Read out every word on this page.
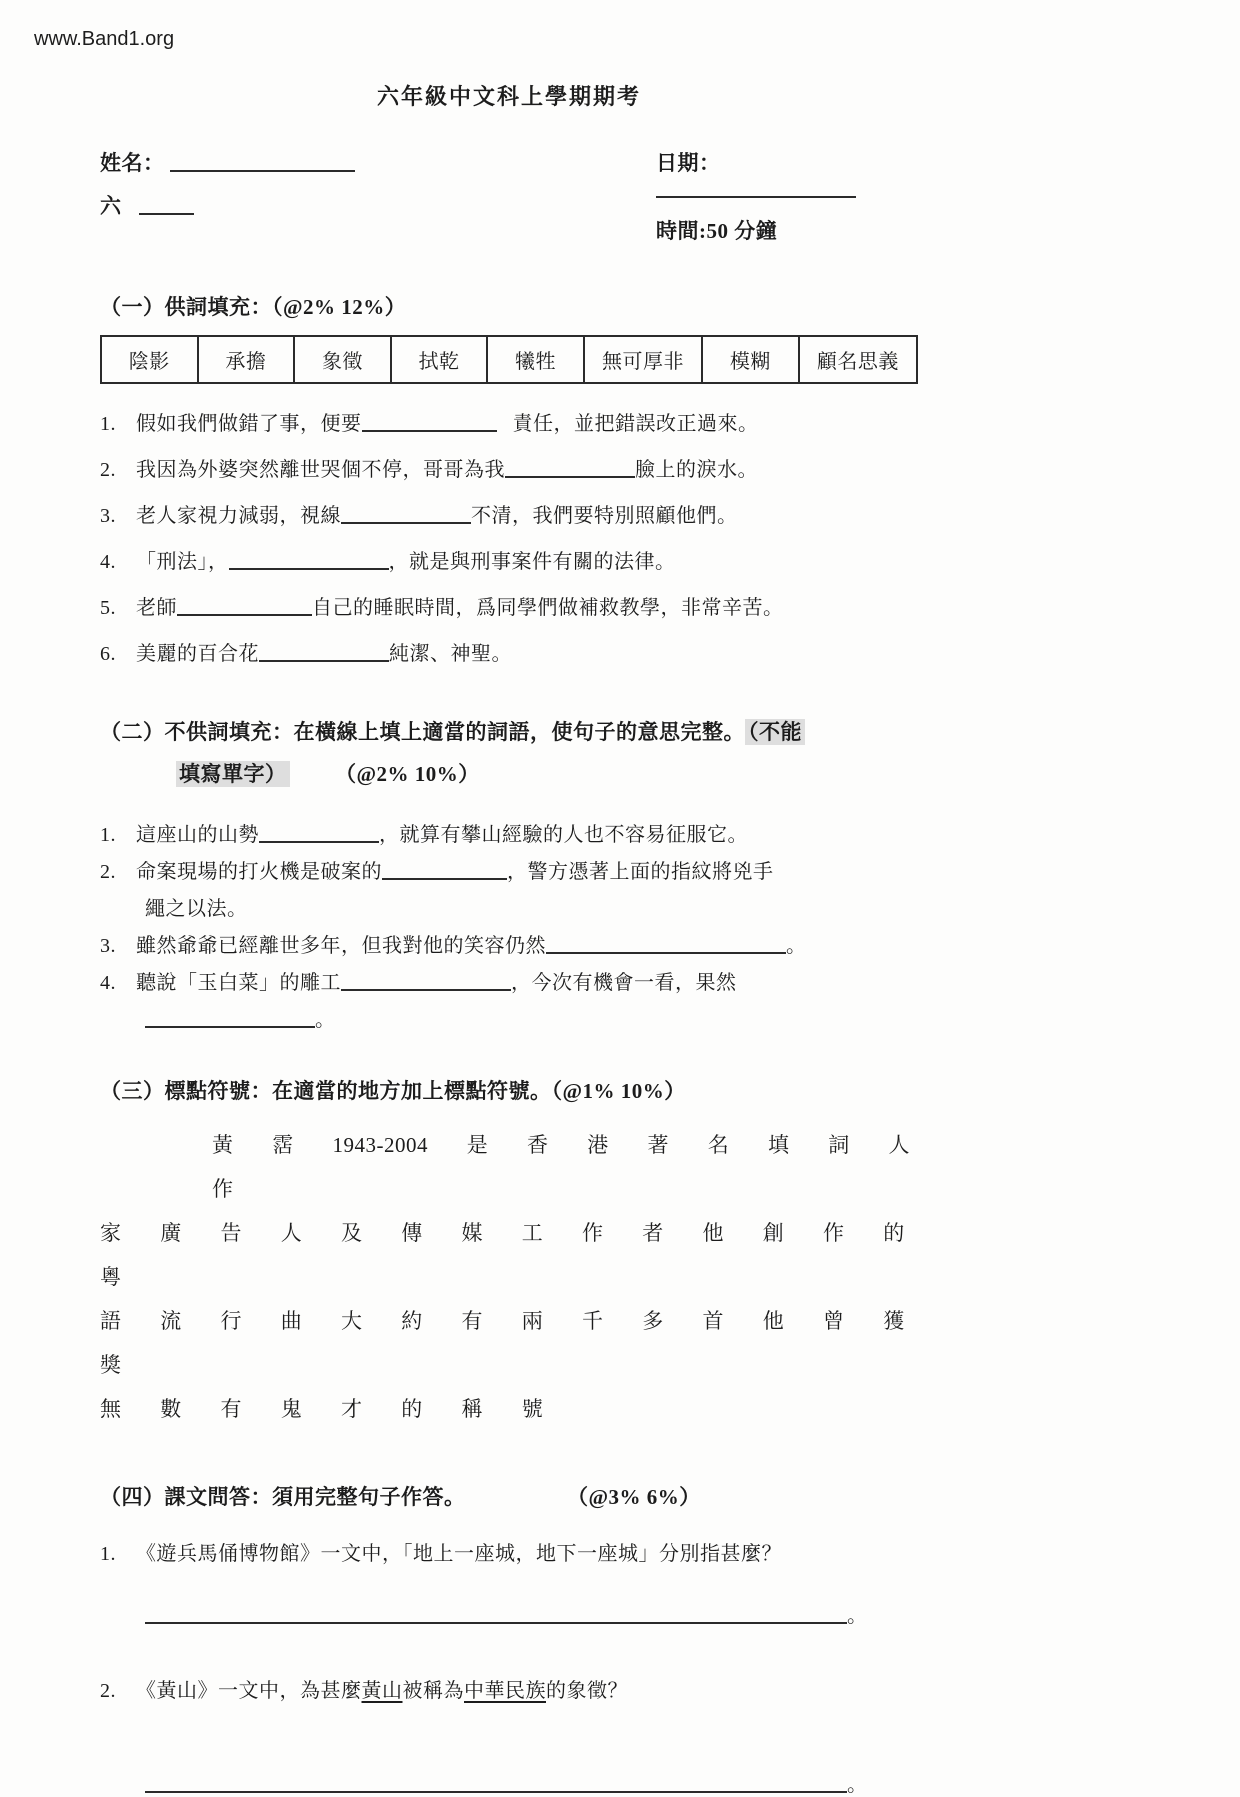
www.Band1.org
六年級中文科上學期期考
姓名：
六
日期：
時間:50 分鐘
（一）供詞填充：（@2% 12%）
陰影	承擔	象徵	拭乾	犧牲	無可厚非	模糊	顧名思義
1. 假如我們做錯了事，便要	責任，並把錯誤改正過來。
2. 我因為外婆突然離世哭個不停，哥哥為我	臉上的淚水。
3. 老人家視力減弱，視線	不清，我們要特別照顧他們。
4. 「刑法」，	，就是與刑事案件有關的法律。
5. 老師	自己的睡眠時間，爲同學們做補救教學，非常辛苦。
6. 美麗的百合花	純潔、神聖。
（二）不供詞填充：在橫線上填上適當的詞語，使句子的意思完整。 （不能
填寫單字）	（@2% 10%）
1. 這座山的山勢	，就算有攀山經驗的人也不容易征服它。
2. 命案現場的打火機是破案的	，警方憑著上面的指紋將兇手
繩之以法。
3. 雖然爺爺已經離世多年，但我對他的笑容仍然	。
4. 聽說「玉白菜」的雕工	，今次有機會一看，果然
。
（三）標點符號：在適當的地方加上標點符號。（@1% 10%）
黃 霑 1943-2004 是 香 港 著 名 填 詞 人 作
家 廣 告 人 及 傳 媒 工 作 者 他 創 作 的 粵
語 流 行 曲 大 約 有 兩 千 多 首 他 曾 獲 獎
無 數 有 鬼 才 的 稱 號
（四）課文問答：須用完整句子作答。	（@3% 6%）
1. 《遊兵馬俑博物館》一文中，「地上一座城，地下一座城」分別指甚麼？
。
2. 《黃山》一文中，為甚麼黃山被稱為中華民族的象徵？
。
